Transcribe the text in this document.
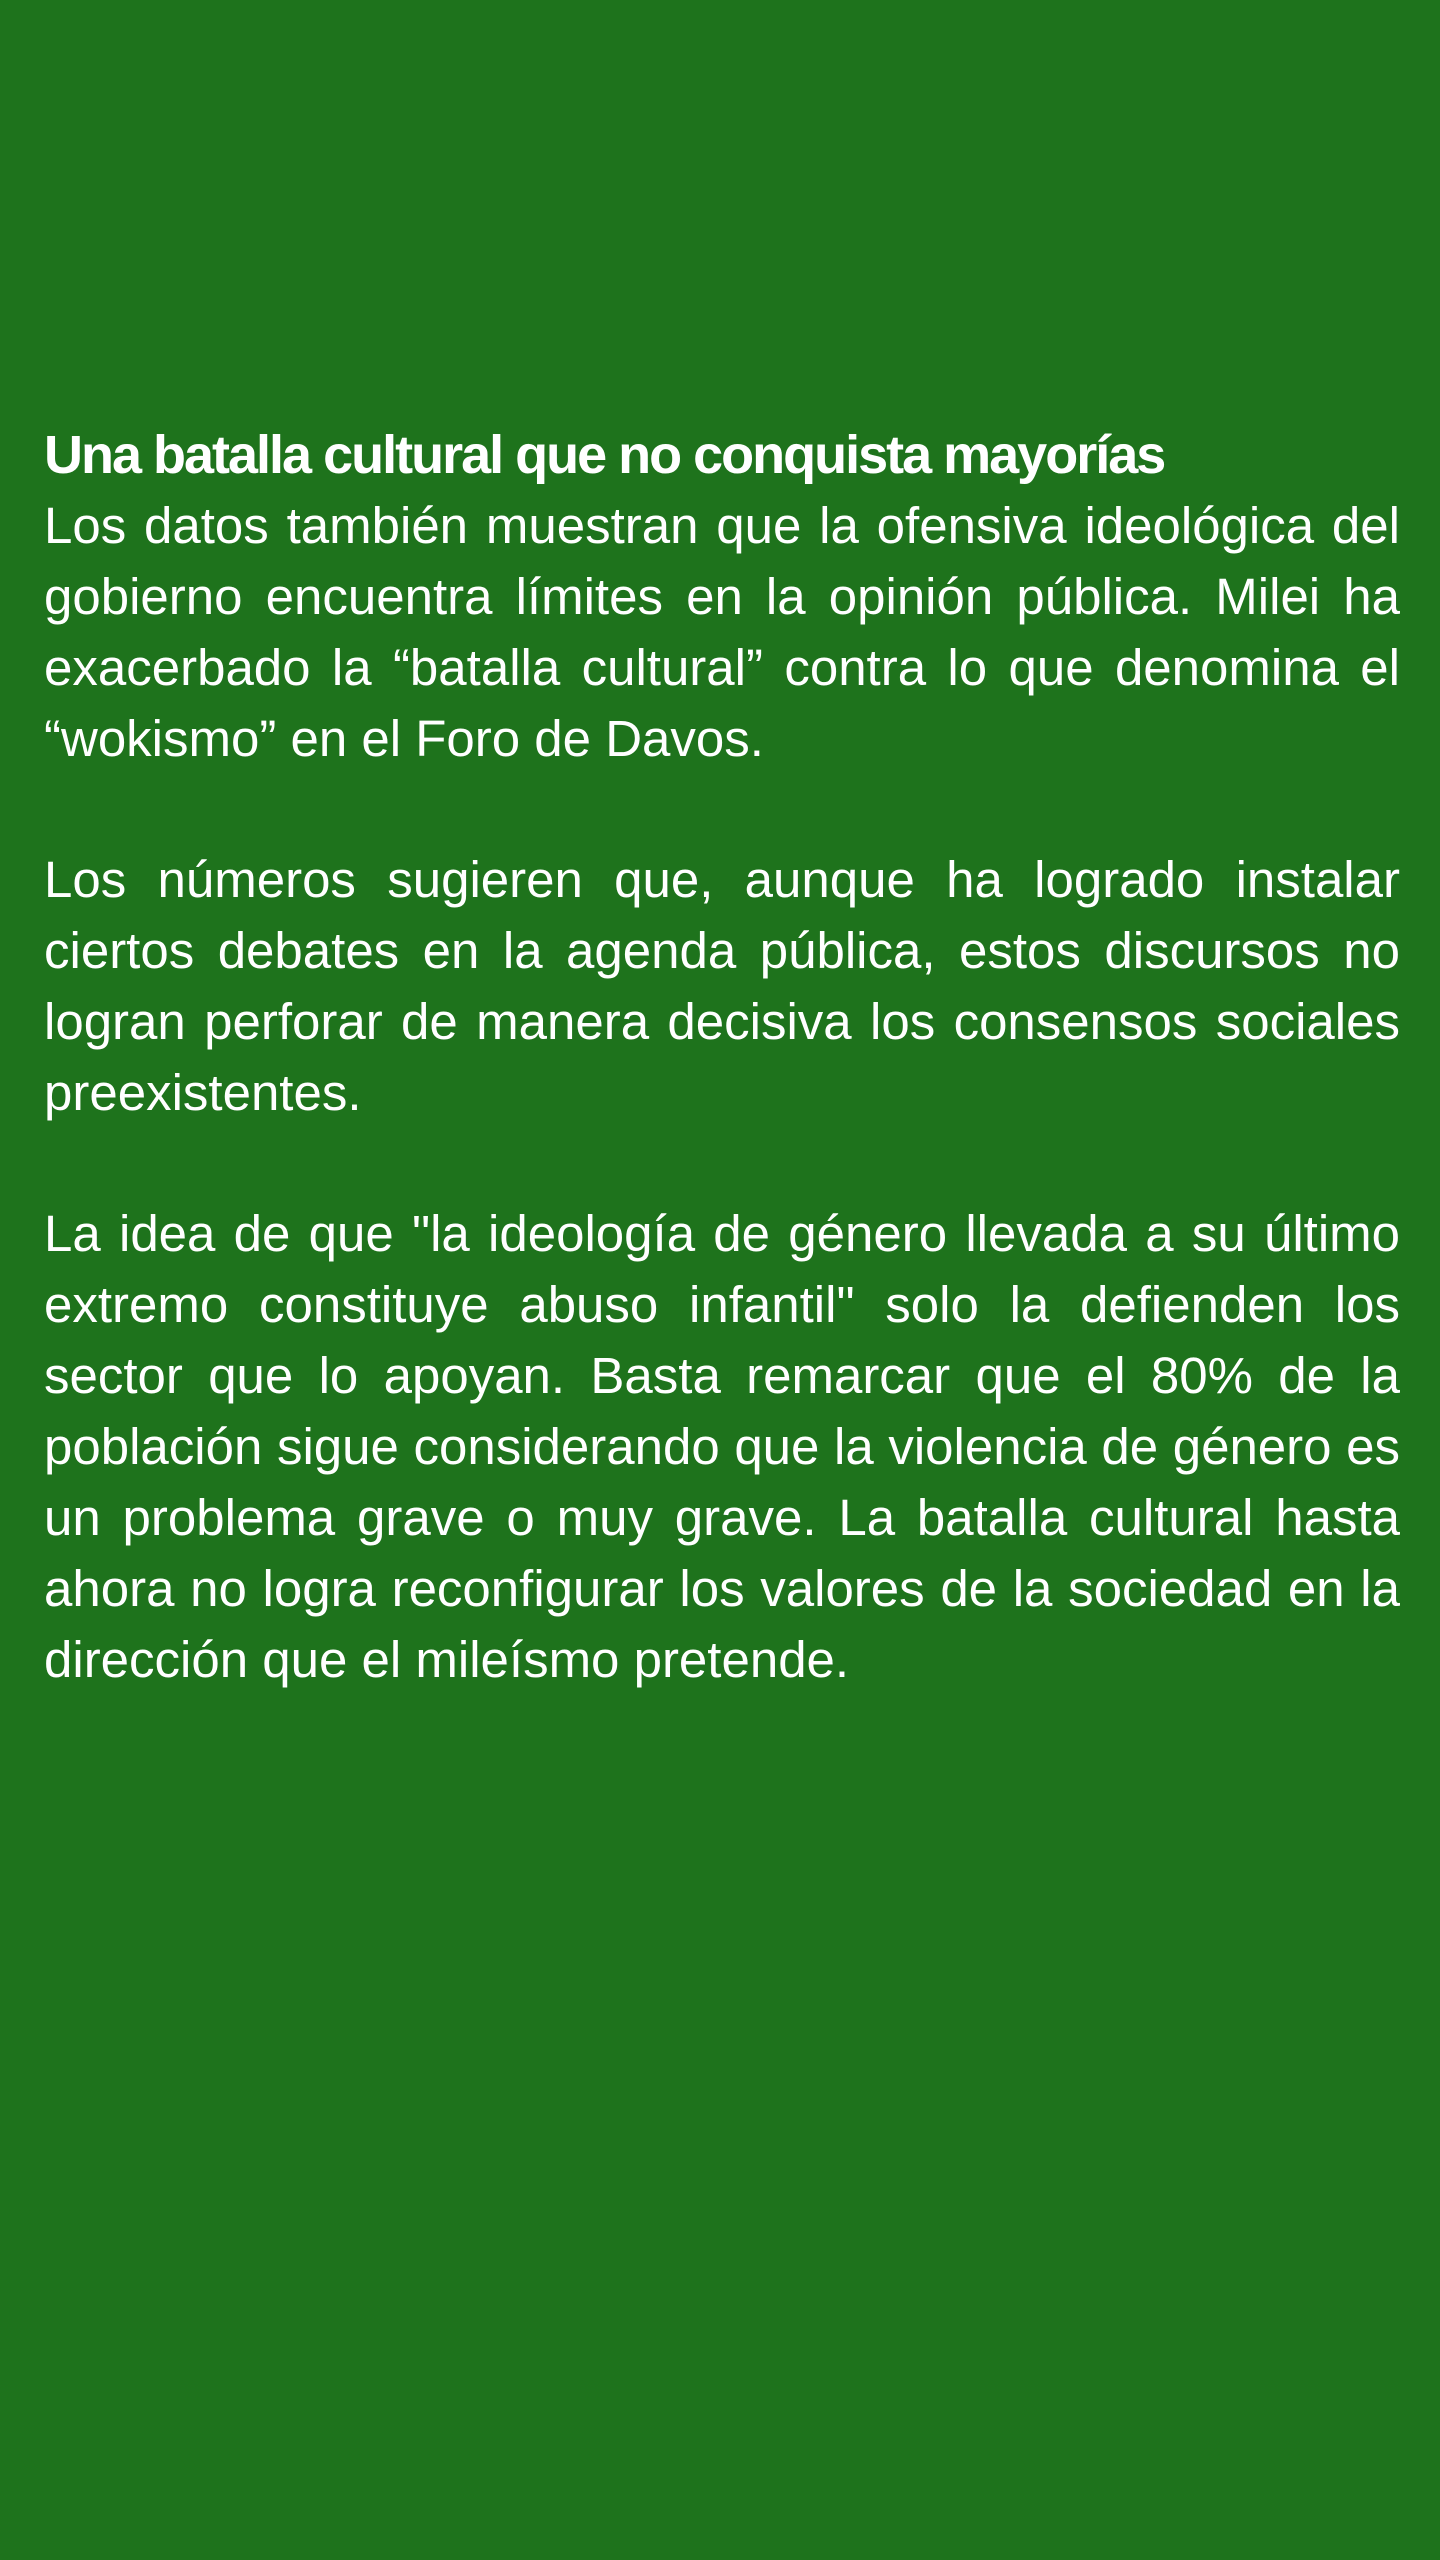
Una batalla cultural que no conquista mayorías

Los datos también muestran que la ofensiva ideológica del gobierno encuentra límites en la opinión pública. Milei ha exacerbado la “batalla cultural” contra lo que denomina el “wokismo” en el Foro de Davos.

Los números sugieren que, aunque ha logrado instalar ciertos debates en la agenda pública, estos discursos no logran perforar de manera decisiva los consensos sociales preexistentes.

La idea de que "la ideología de género llevada a su último extremo constituye abuso infantil" solo la defienden los sector que lo apoyan. Basta remarcar que el 80% de la población sigue considerando que la violencia de género es un problema grave o muy grave. La batalla cultural hasta ahora no logra reconfigurar los valores de la sociedad en la dirección que el mileísmo pretende.
